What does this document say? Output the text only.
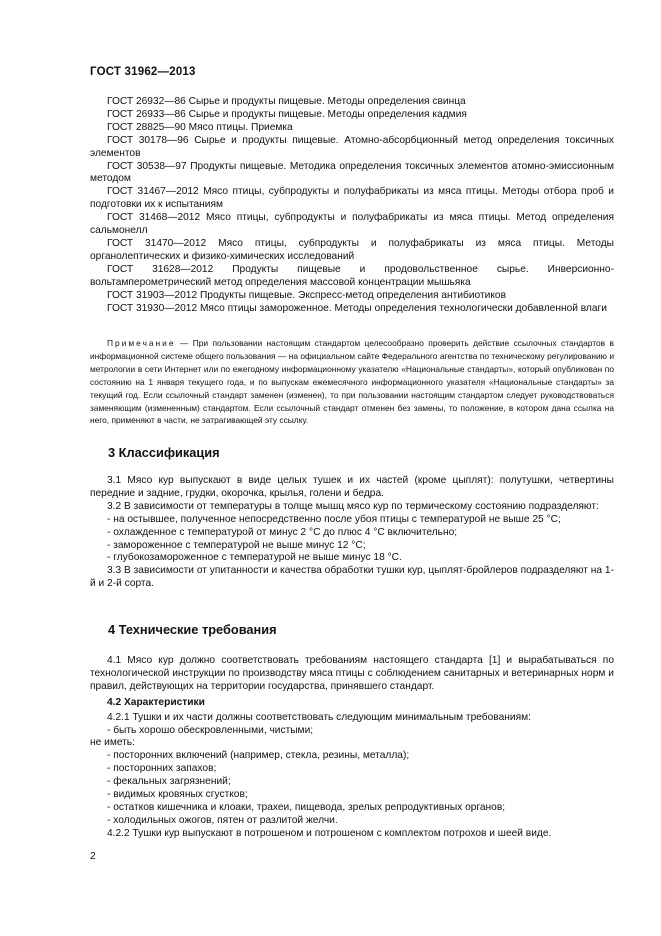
ГОСТ 31962—2013
ГОСТ 26932—86 Сырье и продукты пищевые. Методы определения свинца
ГОСТ 26933—86 Сырье и продукты пищевые. Методы определения кадмия
ГОСТ 28825—90 Мясо птицы. Приемка
ГОСТ 30178—96 Сырье и продукты пищевые. Атомно-абсорбционный метод определения токсичных элементов
ГОСТ 30538—97 Продукты пищевые. Методика определения токсичных элементов атомно-эмиссионным методом
ГОСТ 31467—2012 Мясо птицы, субпродукты и полуфабрикаты из мяса птицы. Методы отбора проб и подготовки их к испытаниям
ГОСТ 31468—2012 Мясо птицы, субпродукты и полуфабрикаты из мяса птицы. Метод определения сальмонелл
ГОСТ 31470—2012 Мясо птицы, субпродукты и полуфабрикаты из мяса птицы. Методы органолептических и физико-химических исследований
ГОСТ 31628—2012 Продукты пищевые и продовольственное сырье. Инверсионно-вольтамперометрический метод определения массовой концентрации мышьяка
ГОСТ 31903—2012 Продукты пищевые. Экспресс-метод определения антибиотиков
ГОСТ 31930—2012 Мясо птицы замороженное. Методы определения технологически добавленной влаги
Примечание — При пользовании настоящим стандартом целесообразно проверить действие ссылочных стандартов в информационной системе общего пользования — на официальном сайте Федерального агентства по техническому регулированию и метрологии в сети Интернет или по ежегодному информационному указателю «Национальные стандарты», который опубликован по состоянию на 1 января текущего года, и по выпускам ежемесячного информационного указателя «Национальные стандарты» за текущий год. Если ссылочный стандарт заменен (изменен), то при пользовании настоящим стандартом следует руководствоваться заменяющим (измененным) стандартом. Если ссылочный стандарт отменен без замены, то положение, в котором дана ссылка на него, применяют в части, не затрагивающей эту ссылку.
3 Классификация
3.1 Мясо кур выпускают в виде целых тушек и их частей (кроме цыплят): полутушки, четвертины передние и задние, грудки, окорочка, крылья, голени и бедра.
3.2 В зависимости от температуры в толще мышц мясо кур по термическому состоянию подразделяют:
- на остывшее, полученное непосредственно после убоя птицы с температурой не выше 25 °С;
- охлажденное с температурой от минус 2 °С до плюс 4 °С включительно;
- замороженное с температурой не выше минус 12 °С;
- глубокозамороженное с температурой не выше минус 18 °С.
3.3 В зависимости от упитанности и качества обработки тушки кур, цыплят-бройлеров подразделяют на 1-й и 2-й сорта.
4 Технические требования
4.1 Мясо кур должно соответствовать требованиям настоящего стандарта [1] и вырабатываться по технологической инструкции по производству мяса птицы с соблюдением санитарных и ветеринарных норм и правил, действующих на территории государства, принявшего стандарт.
4.2 Характеристики
4.2.1 Тушки и их части должны соответствовать следующим минимальным требованиям:
- быть хорошо обескровленными, чистыми;
не иметь:
- посторонних включений (например, стекла, резины, металла);
- посторонних запахов;
- фекальных загрязнений;
- видимых кровяных сгустков;
- остатков кишечника и клоаки, трахеи, пищевода, зрелых репродуктивных органов;
- холодильных ожогов, пятен от разлитой желчи.
4.2.2 Тушки кур выпускают в потрошеном и потрошеном с комплектом потрохов и шеей виде.
2
